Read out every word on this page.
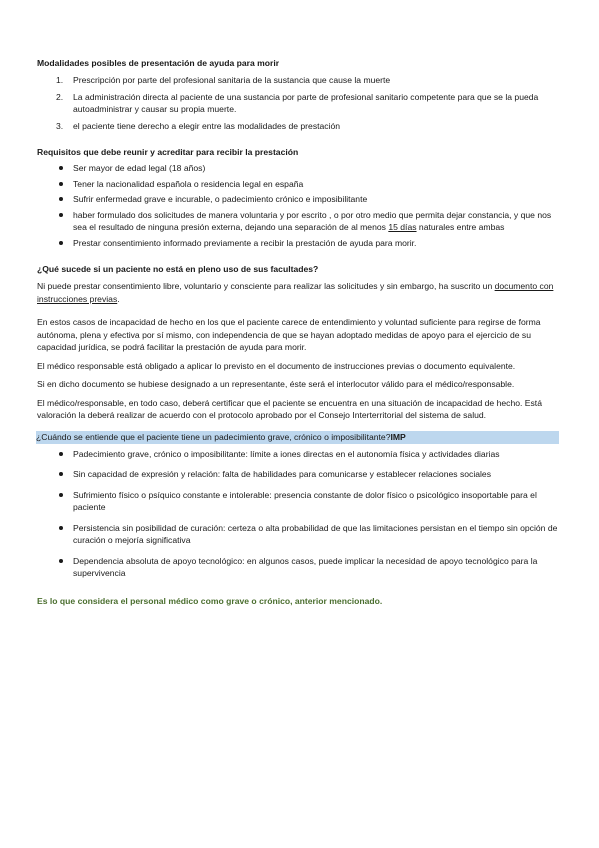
Modalidades posibles de presentación de ayuda para morir
1. Prescripción por parte del profesional sanitaria de la sustancia que cause la muerte
2. La administración directa al paciente de una sustancia por parte de profesional sanitario competente para que se la pueda autoadministrar y causar su propia muerte.
3. el paciente tiene derecho a elegir entre las modalidades de prestación
Requisitos que debe reunir y acreditar para recibir la prestación
Ser mayor de edad legal (18 años)
Tener la nacionalidad española o residencia legal en españa
Sufrir enfermedad grave e incurable, o padecimiento crónico e imposibilitante
haber formulado dos solicitudes de manera voluntaria y por escrito , o por otro medio que permita dejar constancia, y que nos sea el resultado de ninguna presión externa, dejando una separación de al menos 15 días naturales entre ambas
Prestar consentimiento informado previamente a recibir la prestación de ayuda para morir.
¿Qué sucede si un paciente no está en pleno uso de sus facultades?

Ni puede prestar consentimiento libre, voluntario y consciente para realizar las solicitudes y sin embargo, ha suscrito un documento con instrucciones previas.

En estos casos de incapacidad de hecho en los que el paciente carece de entendimiento y voluntad suficiente para regirse de forma autónoma, plena y efectiva por sí mismo, con independencia de que se hayan adoptado medidas de apoyo para el ejercicio de su capacidad jurídica, se podrá facilitar la prestación de ayuda para morir.

El médico responsable está obligado a aplicar lo previsto en el documento de instrucciones previas o documento equivalente.

Si en dicho documento se hubiese designado a un representante, éste será el interlocutor válido para el médico/responsable.

El médico/responsable, en todo caso, deberá certificar que el paciente se encuentra en una situación de incapacidad de hecho. Está valoración la deberá realizar de acuerdo con el protocolo aprobado por el Consejo Interterritorial del sistema de salud.

¿Cuándo se entiende que el paciente tiene un padecimiento grave, crónico o imposibilitante?IMP
Padecimiento grave, crónico o imposibilitante: límite a iones directas en el autonomía física y actividades diarias
Sin capacidad de expresión y relación: falta de habilidades para comunicarse y establecer relaciones sociales
Sufrimiento físico o psíquico constante e intolerable: presencia constante de dolor físico o psicológico insoportable para el paciente
Persistencia sin posibilidad de curación: certeza o alta probabilidad de que las limitaciones persistan en el tiempo sin opción de curación o mejoría significativa
Dependencia absoluta de apoyo tecnológico: en algunos casos, puede implicar la necesidad de apoyo tecnológico para la supervivencia

Es lo que considera el personal médico como grave o crónico, anterior mencionado.
